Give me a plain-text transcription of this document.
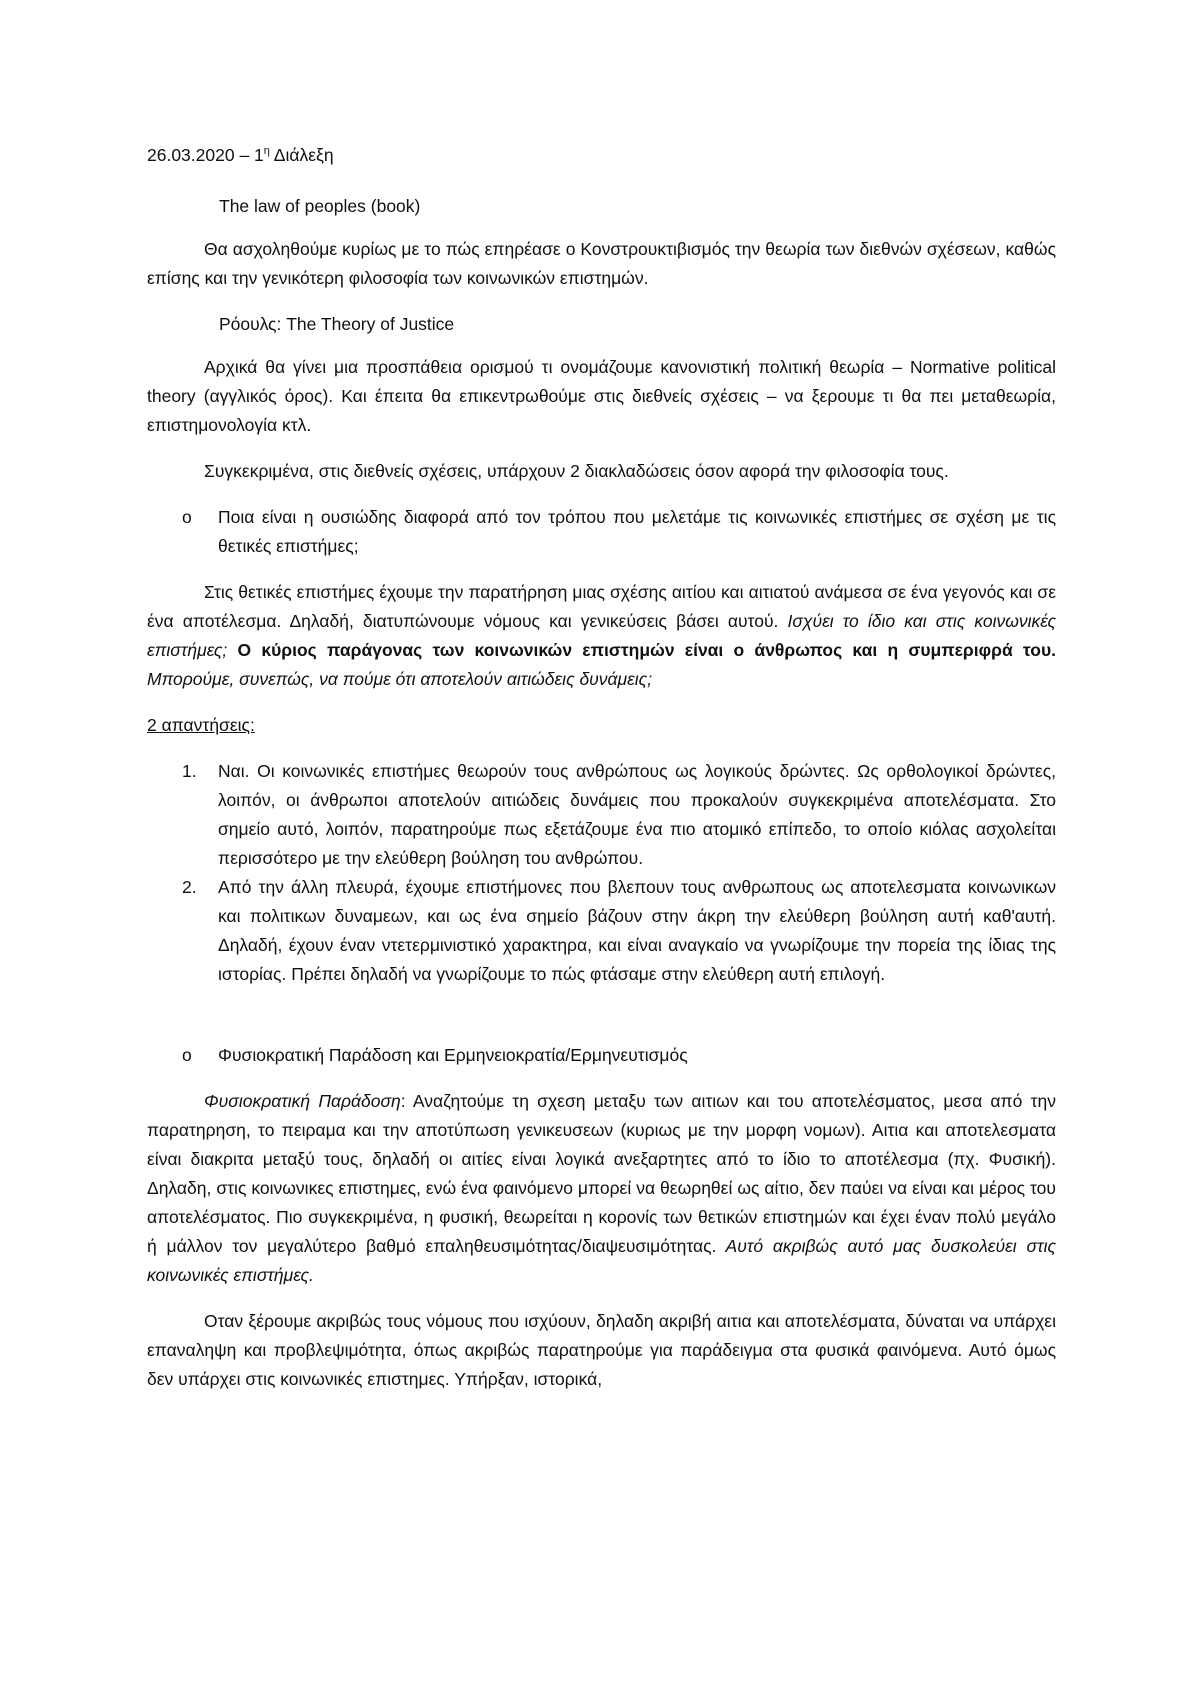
$26.03.2020 - 1^\eta$ Διάλεξη

The law of peoples (book)

Θα ασχοληθούμε κυρίως με το πώς επηρέασε ο Κονστρουκτιβισμός την θεωρία των διεθνών σχέσεων, καθώς επίσης και την γενικότερη φιλοσοφία των κοινωνικών επιστημών.

Ρόουλς: The Theory of Justice

Αρχικά θα γίνει μια προσπάθεια ορισμού τι ονομάζουμε κανονιστική πολιτική θεωρία – Normative political theory (αγγλικός όρος). Και έπειτα θα επικεντρωθούμε στις διεθνείς σχέσεις – να ξερουμε τι θα πει μεταθεωρία, επιστημονολογία κτλ.

Συγκεκριμένα, στις διεθνείς σχέσεις, υπάρχουν 2 διακλαδώσεις όσον αφορά την φιλοσοφία τους.

o Ποια είναι η ουσιώδης διαφορά από τον τρόπου που μελετάμε τις κοινωνικές επιστήμες σε σχέση με τις θετικές επιστήμες;

Στις θετικές επιστήμες έχουμε την παρατήρηση μιας σχέσης αιτίου και αιτιατού ανάμεσα σε ένα γεγονός και σε ένα αποτέλεσμα. Δηλαδή, διατυπώνουμε νόμους και γενικεύσεις βάσει αυτού. Ισχύει το ίδιο και στις κοινωνικές επιστήμες; Ο κύριος παράγονας των κοινωνικών επιστημών είναι ο άνθρωπος και η συμπεριφρά του. Μπορούμε, συνεπώς, να πούμε ότι αποτελούν αιτιώδεις δυνάμεις;

2 απαντήσεις:

1. Ναι. Οι κοινωνικές επιστήμες θεωρούν τους ανθρώπους ως λογικούς δρώντες. Ως ορθολογικοί δρώντες, λοιπόν, οι άνθρωποι αποτελούν αιτιώδεις δυνάμεις που προκαλούν συγκεκριμένα αποτελέσματα. Στο σημείο αυτό, λοιπόν, παρατηρούμε πως εξετάζουμε ένα πιο ατομικό επίπεδο, το οποίο κιόλας ασχολείται περισσότερο με την ελεύθερη βούληση του ανθρώπου.
2. Από την άλλη πλευρά, έχουμε επιστήμονες που βλεπουν τους ανθρωπους ως αποτελεσματα κοινωνικων και πολιτικων δυναμεων, και ως ένα σημείο βάζουν στην άκρη την ελεύθερη βούληση αυτή καθ'αυτή. Δηλαδή, έχουν έναν ντετερμινιστικό χαρακτηρα, και είναι αναγκαίο να γνωρίζουμε την πορεία της ίδιας της ιστορίας. Πρέπει δηλαδή να γνωρίζουμε το πώς φτάσαμε στην ελεύθερη αυτή επιλογή.

o Φυσιοκρατική Παράδοση και Ερμηνειοκρατία/Ερμηνευτισμός

Φυσιοκρατική Παράδοση: Αναζητούμε τη σχεση μεταξυ των αιτιων και του αποτελέσματος, μεσα από την παρατηρηση, το πειραμα και την αποτύπωση γενικευσεων (κυριως με την μορφη νομων). Αιτια και αποτελεσματα είναι διακριτα μεταξύ τους, δηλαδή οι αιτίες είναι λογικά ανεξαρτητες από το ίδιο το αποτέλεσμα (πχ. Φυσική). Δηλαδη, στις κοινωνικες επιστημες, ενώ ένα φαινόμενο μπορεί να θεωρηθεί ως αίτιο, δεν παύει να είναι και μέρος του αποτελέσματος. Πιο συγκεκριμένα, η φυσική, θεωρείται η κορονίς των θετικών επιστημών και έχει έναν πολύ μεγάλο ή μάλλον τον μεγαλύτερο βαθμό επαληθευσιμότητας/διαψευσιμότητας. Αυτό ακριβώς αυτό μας δυσκολεύει στις κοινωνικές επιστήμες.

Οταν ξέρουμε ακριβώς τους νόμους που ισχύουν, δηλαδη ακριβή αιτια και αποτελέσματα, δύναται να υπάρχει επαναληψη και προβλεψιμότητα, όπως ακριβώς παρατηρούμε για παράδειγμα στα φυσικά φαινόμενα. Αυτό όμως δεν υπάρχει στις κοινωνικές επιστημες. Υπήρξαν, ιστορικά,
